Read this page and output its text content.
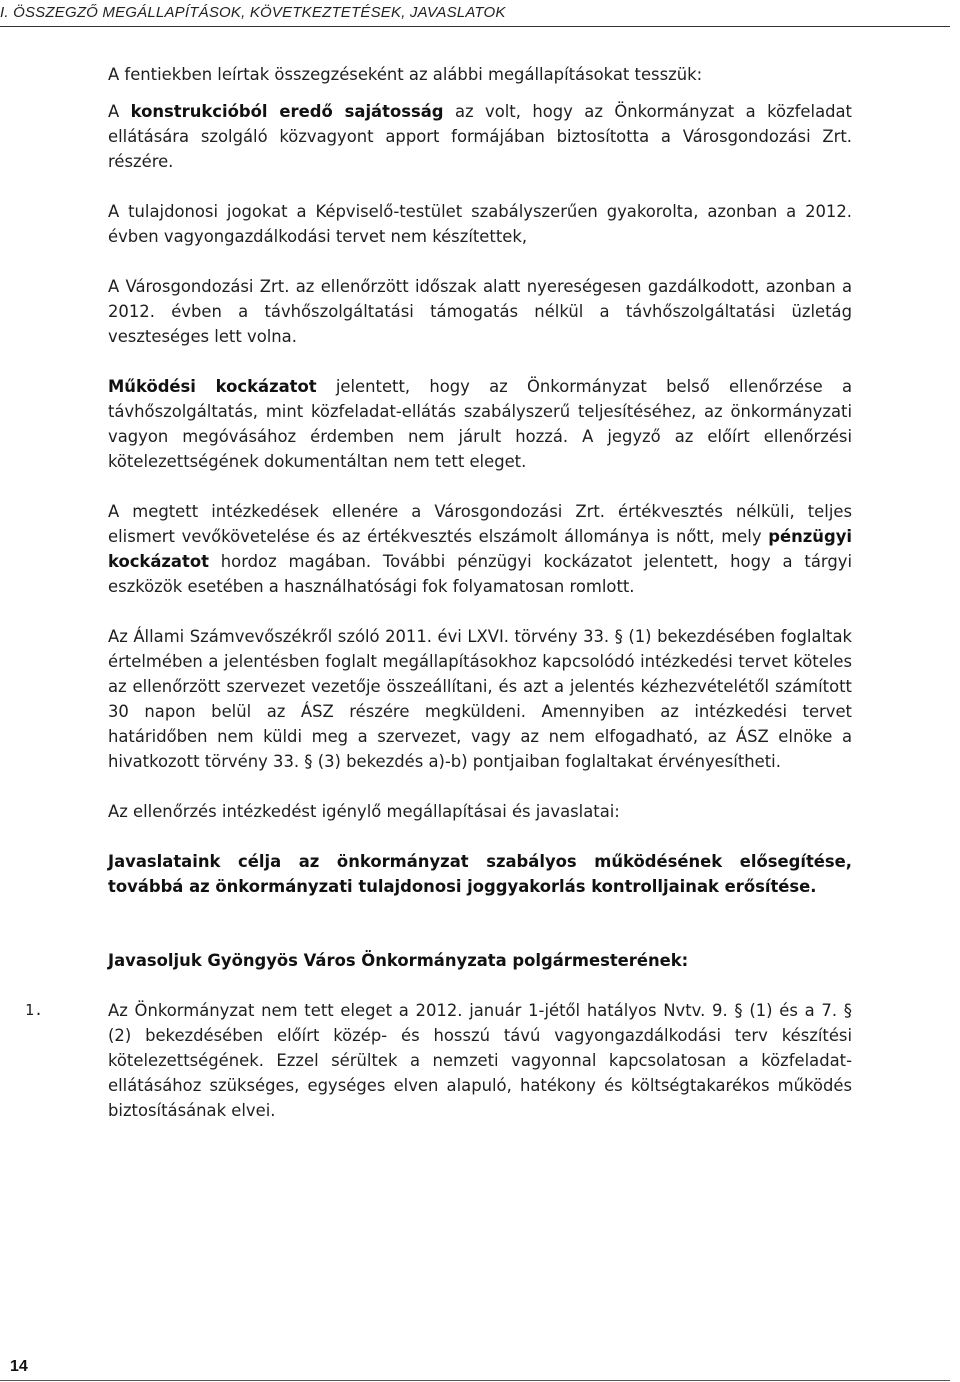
I. ÖSSZEGZŐ MEGÁLLAPÍTÁSOK, KÖVETKEZTETÉSEK, JAVASLATOK

A fentiekben leírtak összegzéseként az alábbi megállapításokat tesszük:

A konstrukcióból eredő sajátosság az volt, hogy az Önkormányzat a közfeladat ellátására szolgáló közvagyont apport formájában biztosította a Városgondozási Zrt. részére.

A tulajdonosi jogokat a Képviselő-testület szabályszerűen gyakorolta, azonban a 2012. évben vagyongazdálkodási tervet nem készítettek,

A Városgondozási Zrt. az ellenőrzött időszak alatt nyereségesen gazdálkodott, azonban a 2012. évben a távhőszolgáltatási támogatás nélkül a távhőszolgáltatási üzletág veszteséges lett volna.

Működési kockázatot jelentett, hogy az Önkormányzat belső ellenőrzése a távhőszolgáltatás, mint közfeladat-ellátás szabályszerű teljesítéséhez, az önkormányzati vagyon megóvásához érdemben nem járult hozzá. A jegyző az előírt ellenőrzési kötelezettségének dokumentáltan nem tett eleget.

A megtett intézkedések ellenére a Városgondozási Zrt. értékvesztés nélküli, teljes elismert vevőkövetelése és az értékvesztés elszámolt állománya is nőtt, mely pénzügyi kockázatot hordoz magában. További pénzügyi kockázatot jelentett, hogy a tárgyi eszközök esetében a használhatósági fok folyamatosan romlott.

Az Állami Számvevőszékről szóló 2011. évi LXVI. törvény 33. § (1) bekezdésében foglaltak értelmében a jelentésben foglalt megállapításokhoz kapcsolódó intézkedési tervet köteles az ellenőrzött szervezet vezetője összeállítani, és azt a jelentés kézhezvételétől számított 30 napon belül az ÁSZ részére megküldeni. Amennyiben az intézkedési tervet határidőben nem küldi meg a szervezet, vagy az nem elfogadható, az ÁSZ elnöke a hivatkozott törvény 33. § (3) bekezdés a)-b) pontjaiban foglaltakat érvényesítheti.

Az ellenőrzés intézkedést igénylő megállapításai és javaslatai:

Javaslataink célja az önkormányzat szabályos működésének elősegítése, továbbá az önkormányzati tulajdonosi joggyakorlás kontrolljainak erősítése.

Javasoljuk Gyöngyös Város Önkormányzata polgármesterének:

1.	Az Önkormányzat nem tett eleget a 2012. január 1-jétől hatályos Nvtv. 9. § (1) és a 7. § (2) bekezdésében előírt közép- és hosszú távú vagyongazdálkodási terv készítési kötelezettségének. Ezzel sérültek a nemzeti vagyonnal kapcsolatosan a közfeladat-ellátásához szükséges, egységes elven alapuló, hatékony és költségtakarékos működés biztosításának elvei.

14
